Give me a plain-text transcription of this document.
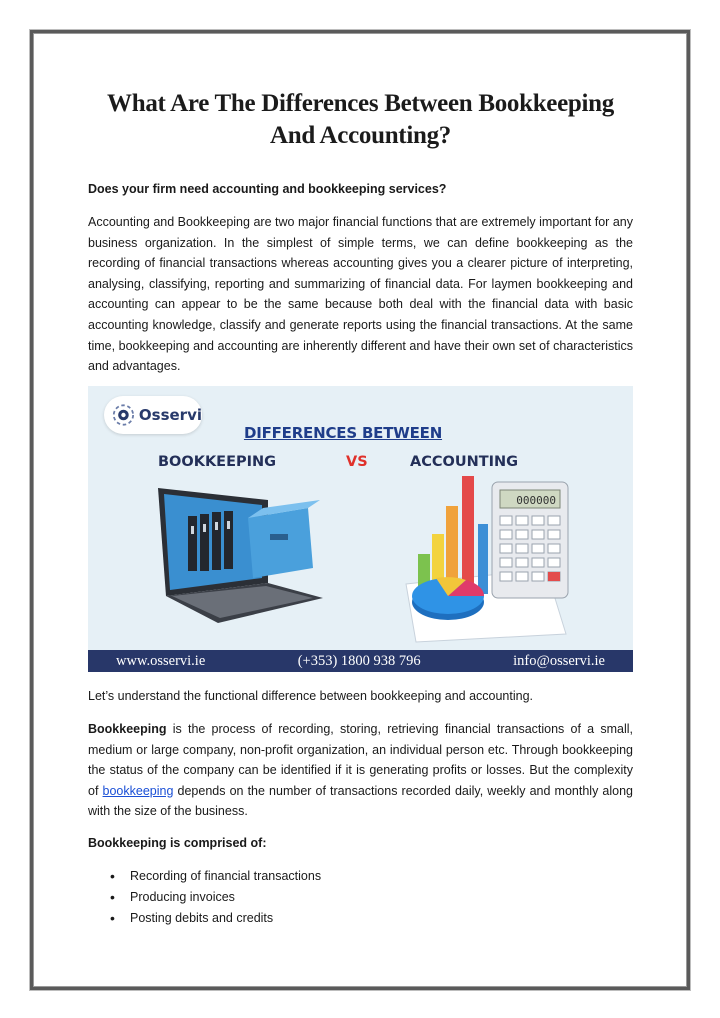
What Are The Differences Between Bookkeeping
And Accounting?

Does your firm need accounting and bookkeeping services?

Accounting and Bookkeeping are two major financial functions that are extremely important for any business organization. In the simplest of simple terms, we can define bookkeeping as the recording of financial transactions whereas accounting gives you a clearer picture of interpreting, analysing, classifying, reporting and summarizing of financial data. For laymen bookkeeping and accounting can appear to be the same because both deal with the financial data with basic accounting knowledge, classify and generate reports using the financial transactions. At the same time, bookkeeping and accounting are inherently different and have their own set of characteristics and advantages.

Osservi
DIFFERENCES BETWEEN
BOOKKEEPING	VS	ACCOUNTING
000000
www.osservi.ie	(+353) 1800 938 796	info@osservi.ie

Let’s understand the functional difference between bookkeeping and accounting.

Bookkeeping is the process of recording, storing, retrieving financial transactions of a small, medium or large company, non-profit organization, an individual person etc. Through bookkeeping the status of the company can be identified if it is generating profits or losses. But the complexity of bookkeeping depends on the number of transactions recorded daily, weekly and monthly along with the size of the business.

Bookkeeping is comprised of:

• Recording of financial transactions
• Producing invoices
• Posting debits and credits
